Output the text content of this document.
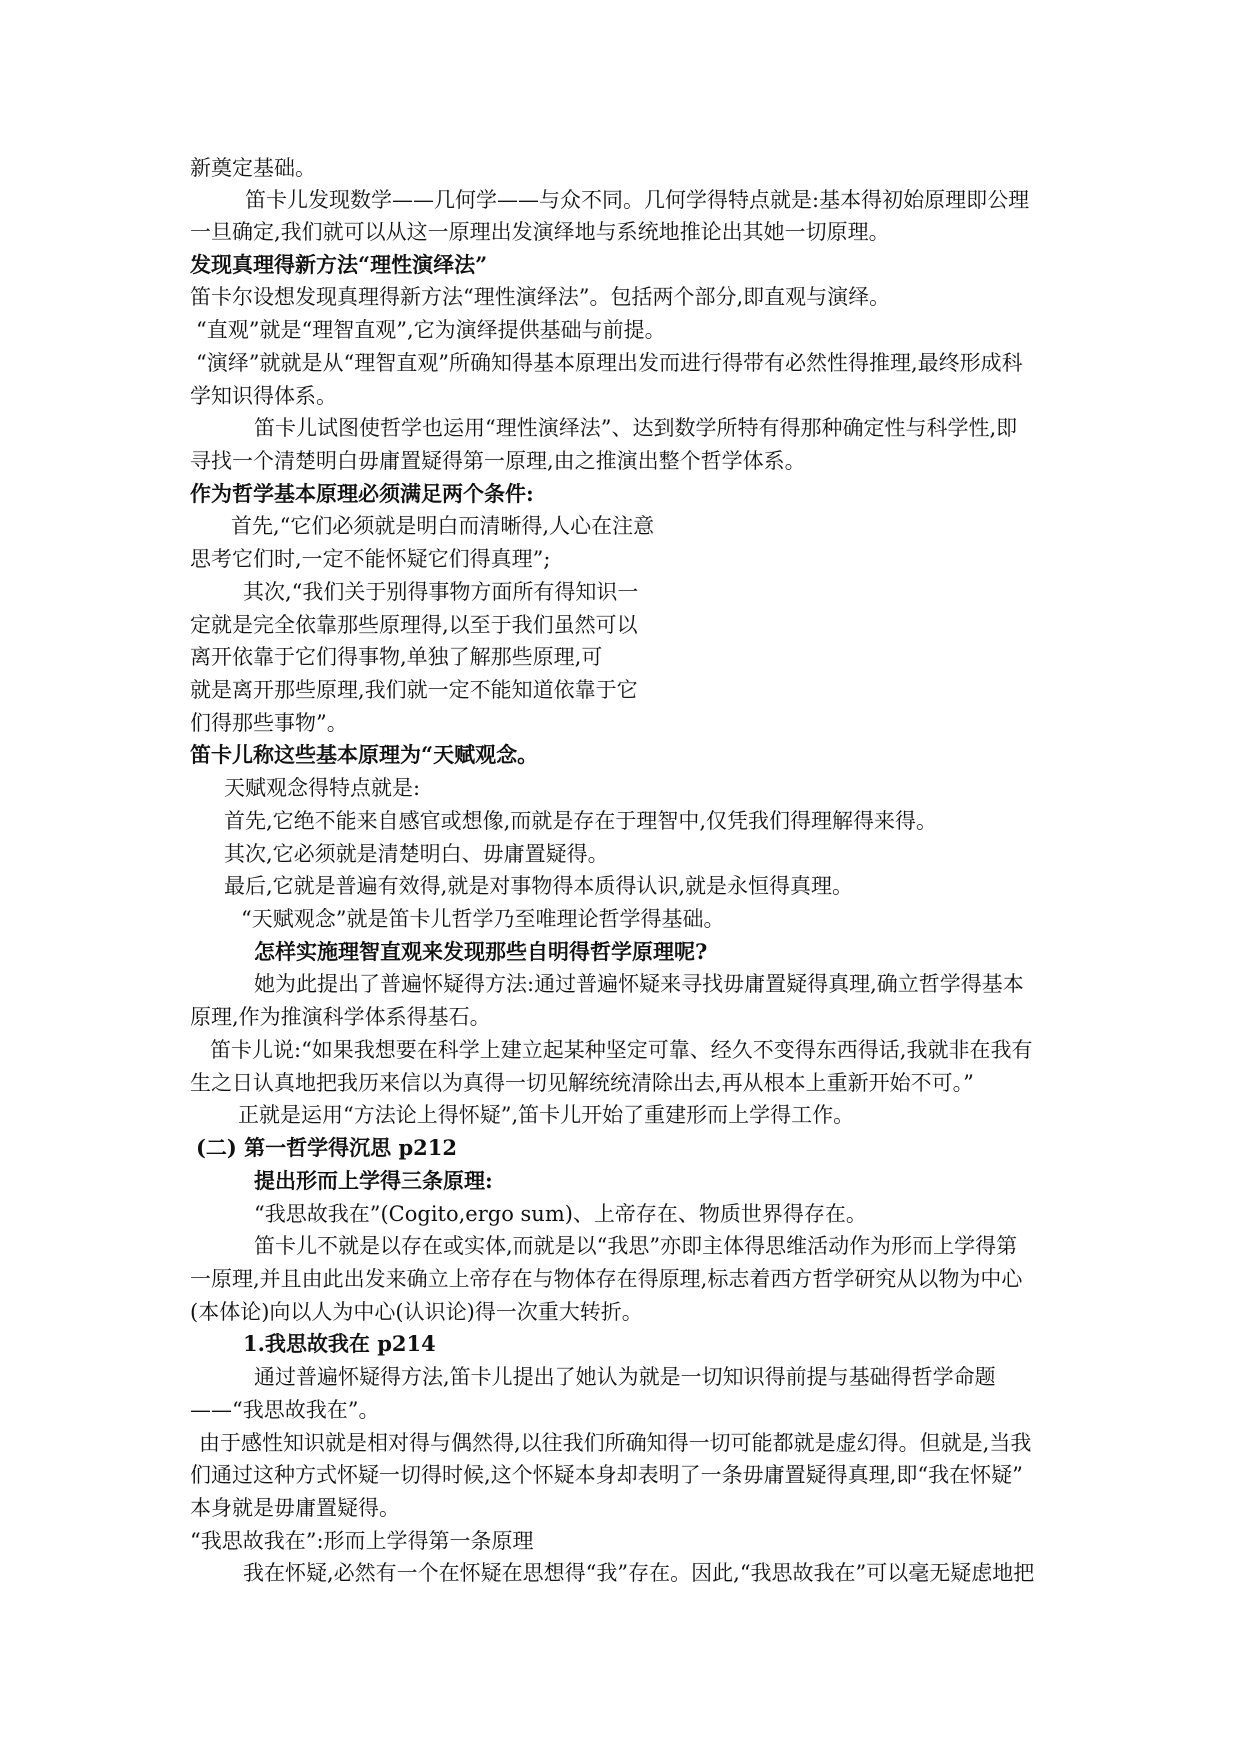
新奠定基础。
笛卡儿发现数学——几何学——与众不同。几何学得特点就是:基本得初始原理即公理
一旦确定,我们就可以从这一原理出发演绎地与系统地推论出其她一切原理。
发现真理得新方法“理性演绎法”
笛卡尔设想发现真理得新方法“理性演绎法”。包括两个部分,即直观与演绎。
“直观”就是“理智直观”,它为演绎提供基础与前提。
“演绎”就就是从“理智直观”所确知得基本原理出发而进行得带有必然性得推理,最终形成科
学知识得体系。
笛卡儿试图使哲学也运用“理性演绎法”、达到数学所特有得那种确定性与科学性,即
寻找一个清楚明白毋庸置疑得第一原理,由之推演出整个哲学体系。
作为哲学基本原理必须满足两个条件:
首先,“它们必须就是明白而清晰得,人心在注意
思考它们时,一定不能怀疑它们得真理”;
其次,“我们关于别得事物方面所有得知识一
定就是完全依靠那些原理得,以至于我们虽然可以
离开依靠于它们得事物,单独了解那些原理,可
就是离开那些原理,我们就一定不能知道依靠于它
们得那些事物”。
笛卡儿称这些基本原理为“天赋观念。
天赋观念得特点就是:
首先,它绝不能来自感官或想像,而就是存在于理智中,仅凭我们得理解得来得。
其次,它必须就是清楚明白、毋庸置疑得。
最后,它就是普遍有效得,就是对事物得本质得认识,就是永恒得真理。
“天赋观念”就是笛卡儿哲学乃至唯理论哲学得基础。
怎样实施理智直观来发现那些自明得哲学原理呢?
她为此提出了普遍怀疑得方法:通过普遍怀疑来寻找毋庸置疑得真理,确立哲学得基本
原理,作为推演科学体系得基石。
笛卡儿说:“如果我想要在科学上建立起某种坚定可靠、经久不变得东西得话,我就非在我有
生之日认真地把我历来信以为真得一切见解统统清除出去,再从根本上重新开始不可。”
正就是运用“方法论上得怀疑”,笛卡儿开始了重建形而上学得工作。
(二) 第一哲学得沉思 p212
提出形而上学得三条原理:
“我思故我在”(Cogito,ergo sum)、上帝存在、物质世界得存在。
笛卡儿不就是以存在或实体,而就是以“我思”亦即主体得思维活动作为形而上学得第
一原理,并且由此出发来确立上帝存在与物体存在得原理,标志着西方哲学研究从以物为中心
(本体论)向以人为中心(认识论)得一次重大转折。
1.我思故我在 p214
通过普遍怀疑得方法,笛卡儿提出了她认为就是一切知识得前提与基础得哲学命题
——“我思故我在”。
由于感性知识就是相对得与偶然得,以往我们所确知得一切可能都就是虚幻得。但就是,当我
们通过这种方式怀疑一切得时候,这个怀疑本身却表明了一条毋庸置疑得真理,即“我在怀疑”
本身就是毋庸置疑得。
“我思故我在”:形而上学得第一条原理
我在怀疑,必然有一个在怀疑在思想得“我”存在。因此,“我思故我在”可以毫无疑虑地把
